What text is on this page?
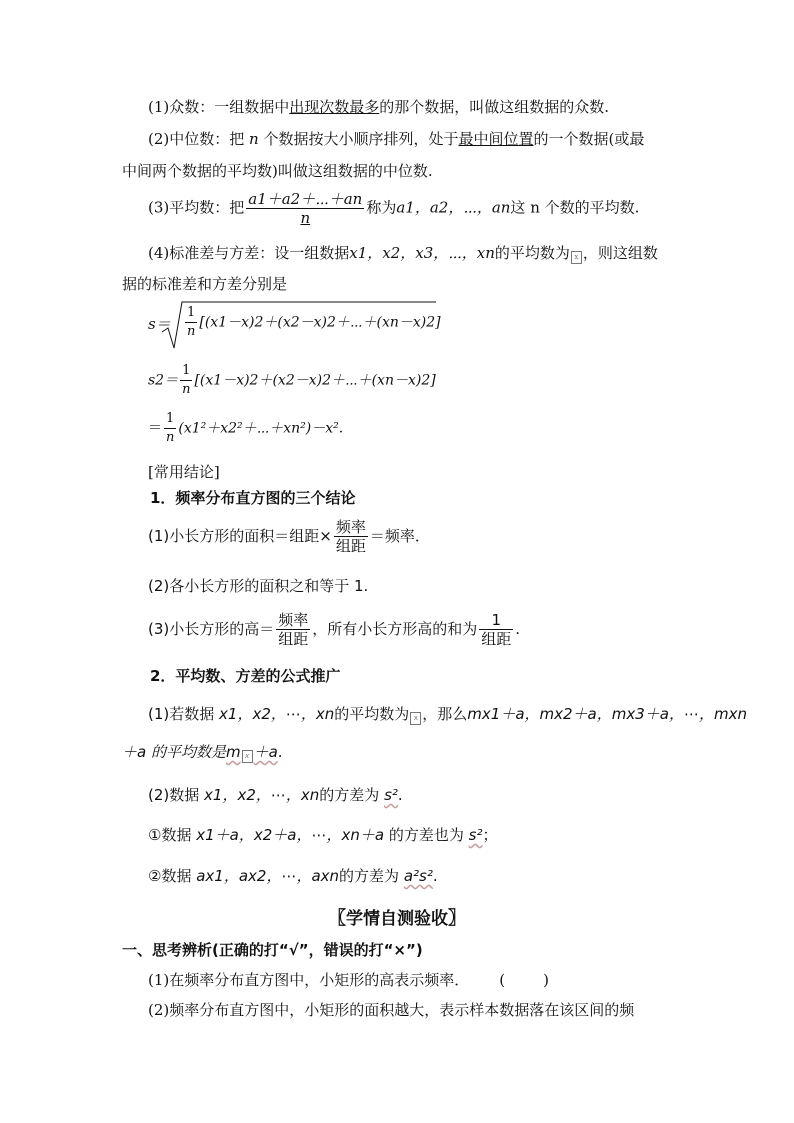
(1)众数：一组数据中出现次数最多的那个数据，叫做这组数据的众数.
(2)中位数：把 n 个数据按大小顺序排列，处于最中间位置的一个数据(或最
中间两个数据的平均数)叫做这组数据的中位数.
(3)平均数：把 $\frac{a1+a2+\cdots+an}{n}$ 称为a1，a2，⋯，an这 n 个数的平均数.
(4)标准差与方差：设一组数据x1，x2，x3，⋯，xn的平均数为 x ，则这组数
据的标准差和方差分别是
$s= \frac{1}{n}$ [(x1－x)2＋(x2－x)2＋⋯＋(xn－x)2]
$s2= \frac{1}{n}$ [(x1－x)2＋(x2－x)2＋⋯＋(xn－x)2]
＝ $\frac{1}{n}$ (x1²＋x2²＋⋯＋xn²)－x².
[常用结论]
1．频率分布直方图的三个结论
(1)小长方形的面积＝组距× $\frac{\text{频率}}{\text{组距}}$ ＝频率．
(2)各小长方形的面积之和等于 1.
(3)小长方形的高＝ $\frac{\text{频率}}{\text{组距}}$ ，所有小长方形高的和为 $\frac{1}{\text{组距}}$ .
2．平均数、方差的公式推广
(1)若数据 x1，x2，⋯，xn的平均数为 x ，那么mx1＋a，mx2＋a，mx3＋a，⋯，mxn
＋a 的平均数是m x ＋a.
(2)数据 x1，x2，⋯，xn的方差为 s².
①数据 x1＋a，x2＋a，⋯，xn＋a 的方差也为 s²；
②数据 ax1，ax2，⋯，axn的方差为 a²s².
〖学情自测验收〗
一、思考辨析(正确的打“√”，错误的打“×”)
(1)在频率分布直方图中，小矩形的高表示频率． (	)
(2)频率分布直方图中，小矩形的面积越大，表示样本数据落在该区间的频
